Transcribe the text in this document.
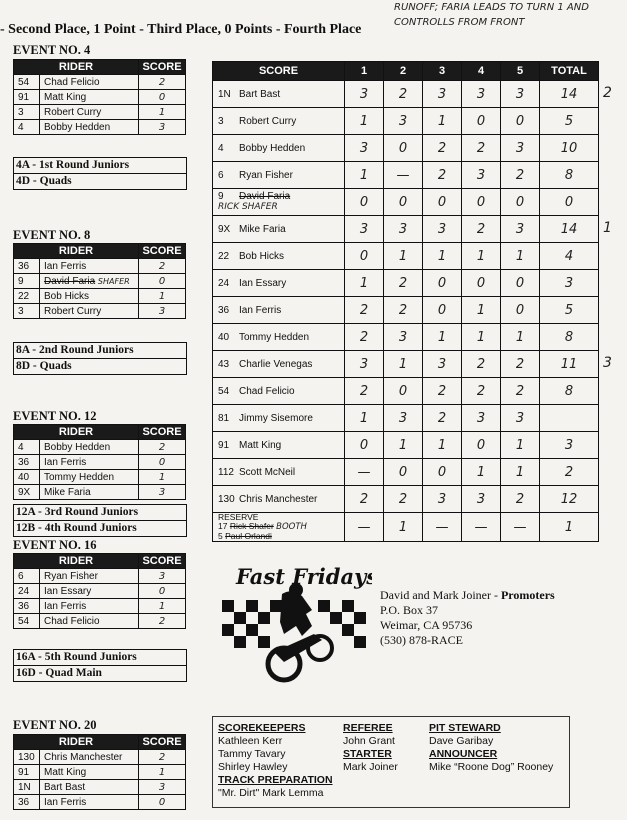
- Second Place, 1 Point - Third Place, 0 Points - Fourth Place
RUNOFF; FARIA LEADS TO TURN 1 AND CONTROLLS FROM FRONT
EVENT NO. 4
EVENT NO. 8
EVENT NO. 12
EVENT NO. 16
EVENT NO. 20
RIDER		SCORE
54	Chad Felicio	2
91	Matt King	0
3	Robert Curry	1
4	Bobby Hedden	3
4A - 1st Round Juniors
4D - Quads
RIDER		SCORE
36	Ian Ferris	2
9	David Faria SHAFER	0
22	Bob Hicks	1
3	Robert Curry	3
8A - 2nd Round Juniors
8D - Quads
RIDER		SCORE
4	Bobby Hedden	2
36	Ian Ferris	0
40	Tommy Hedden	1
9X	Mike Faria	3
12A - 3rd Round Juniors
12B - 4th Round Juniors
RIDER		SCORE
6	Ryan Fisher	3
24	Ian Essary	0
36	Ian Ferris	1
54	Chad Felicio	2
16A - 5th Round Juniors
16D - Quad Main
RIDER		SCORE
130	Chris Manchester	2
91	Matt King	1
1N	Bart Bast	3
36	Ian Ferris	0
SCORE	1	2	3	4	5	TOTAL
1N Bart Bast	3	2	3	3	3	14
3 Robert Curry	1	3	1	0	0	5
4 Bobby Hedden	3	0	2	2	3	10
6 Ryan Fisher	1	—	2	3	2	8
9 David Faria
RICK SHAFER	0	0	0	0	0	0
9X Mike Faria	3	3	3	2	3	14
22 Bob Hicks	0	1	1	1	1	4
24 Ian Essary	1	2	0	0	0	3
36 Ian Ferris	2	2	0	1	0	5
40 Tommy Hedden	2	3	1	1	1	8
43 Charlie Venegas	3	1	3	2	2	11
54 Chad Felicio	2	0	2	2	2	8
81 Jimmy Sisemore	1	3	2	3	3	
91 Matt King	0	1	1	0	1	3
112 Scott McNeil	—	0	0	1	1	2
130 Chris Manchester	2	2	3	3	2	12

RESERVE
17 Rick Shafer BOOTH
5 Paul Orlandi	—	1	—	—	—	1
2
1
3
Fast Fridays
David and Mark Joiner - Promoters
P.O. Box 37
Weimar, CA 95736
(530) 878-RACE
SCOREKEEPERS
Kathleen Kerr
Tammy Tavary
Shirley Hawley
TRACK PREPARATION
"Mr. Dirt" Mark Lemma
REFEREE
John Grant
STARTER
Mark Joiner
PIT STEWARD
Dave Garibay
ANNOUNCER
Mike “Roone Dog” Rooney
